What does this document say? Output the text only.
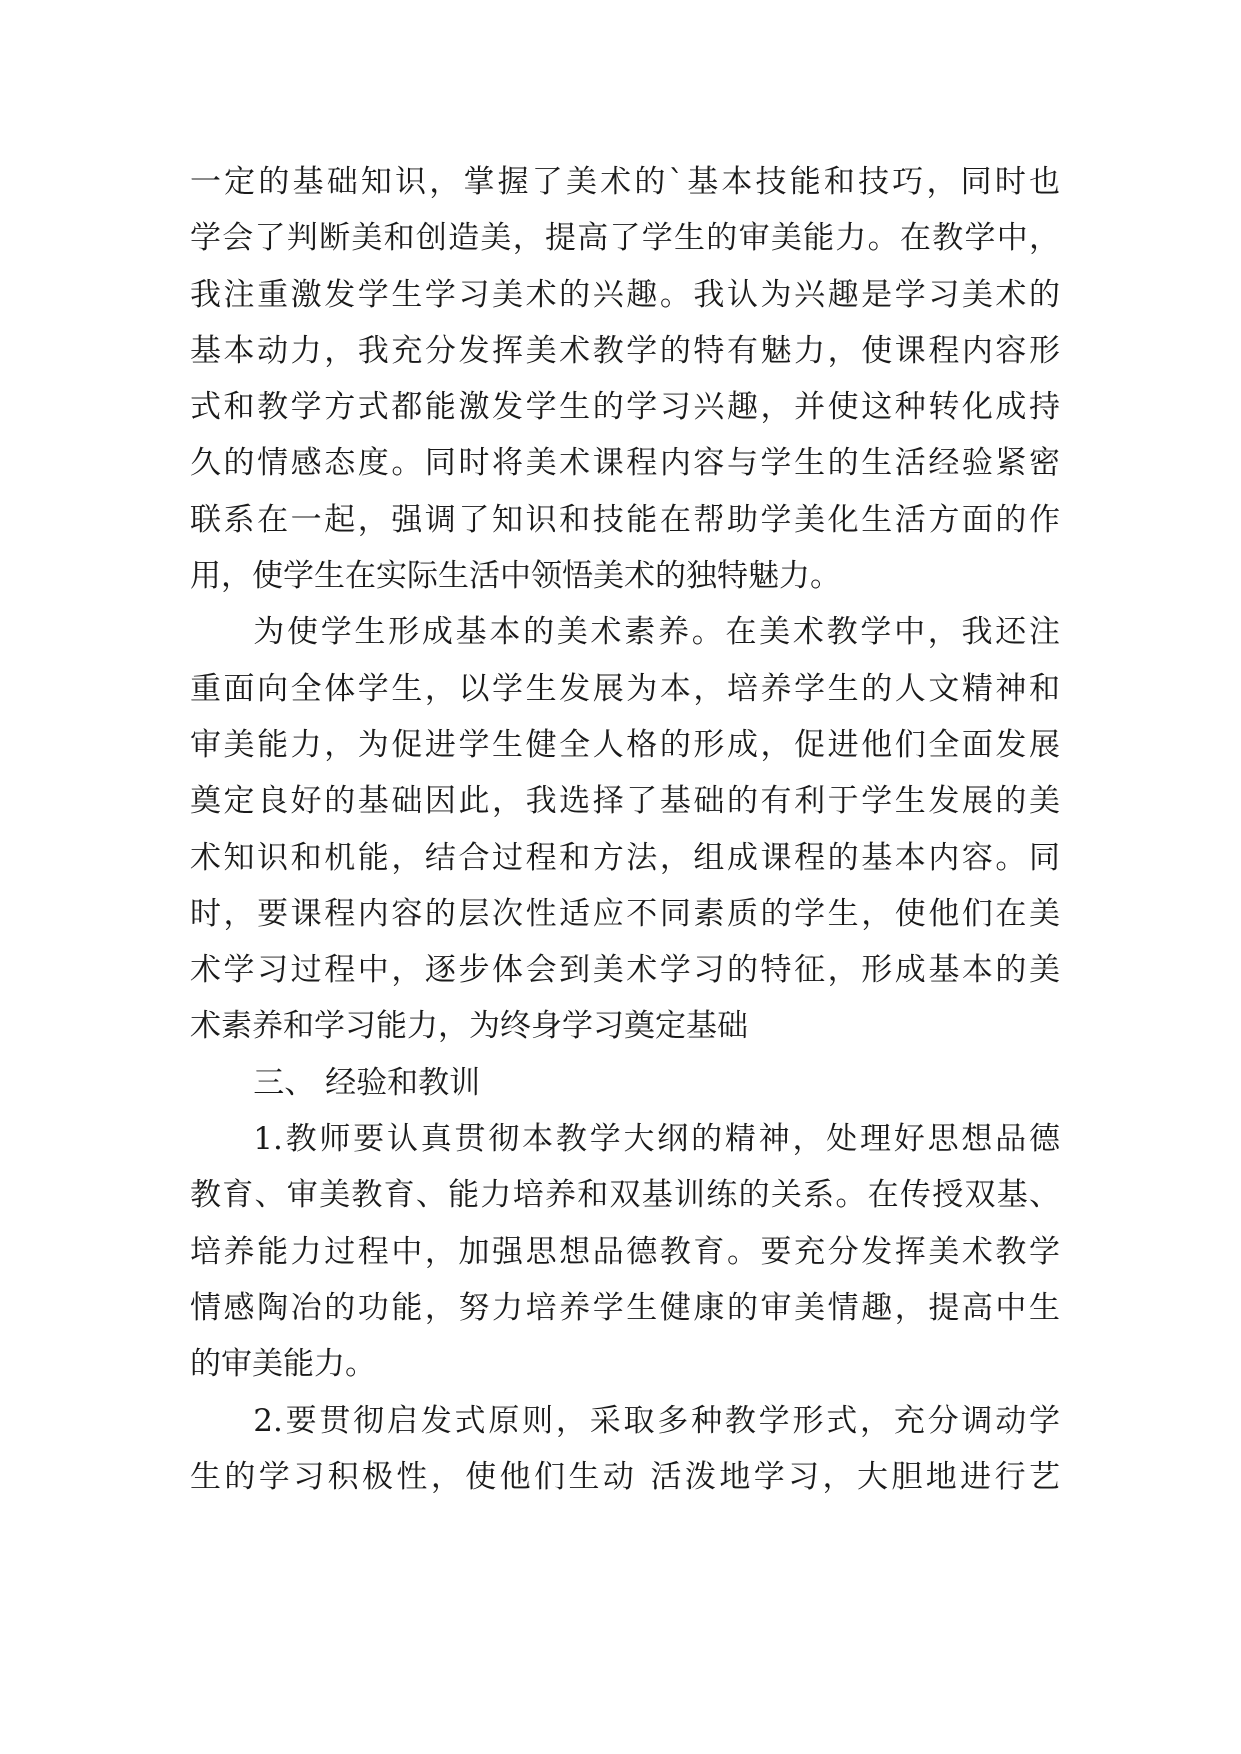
一定的基础知识，掌握了美术的`基本技能和技巧，同时也
学会了判断美和创造美，提高了学生的审美能力。在教学中，
我注重激发学生学习美术的兴趣。我认为兴趣是学习美术的
基本动力，我充分发挥美术教学的特有魅力，使课程内容形
式和教学方式都能激发学生的学习兴趣，并使这种转化成持
久的情感态度。同时将美术课程内容与学生的生活经验紧密
联系在一起，强调了知识和技能在帮助学美化生活方面的作
用，使学生在实际生活中领悟美术的独特魅力。
为使学生形成基本的美术素养。在美术教学中，我还注
重面向全体学生，以学生发展为本，培养学生的人文精神和
审美能力，为促进学生健全人格的形成，促进他们全面发展
奠定良好的基础因此，我选择了基础的有利于学生发展的美
术知识和机能，结合过程和方法，组成课程的基本内容。同
时，要课程内容的层次性适应不同素质的学生，使他们在美
术学习过程中，逐步体会到美术学习的特征，形成基本的美
术素养和学习能力，为终身学习奠定基础
三、 经验和教训
1.教师要认真贯彻本教学大纲的精神，处理好思想品德
教育、审美教育、能力培养和双基训练的关系。在传授双基、
培养能力过程中，加强思想品德教育。要充分发挥美术教学
情感陶冶的功能，努力培养学生健康的审美情趣，提高中生
的审美能力。
2.要贯彻启发式原则，采取多种教学形式，充分调动学
生的学习积极性，使他们生动 活泼地学习，大胆地进行艺
